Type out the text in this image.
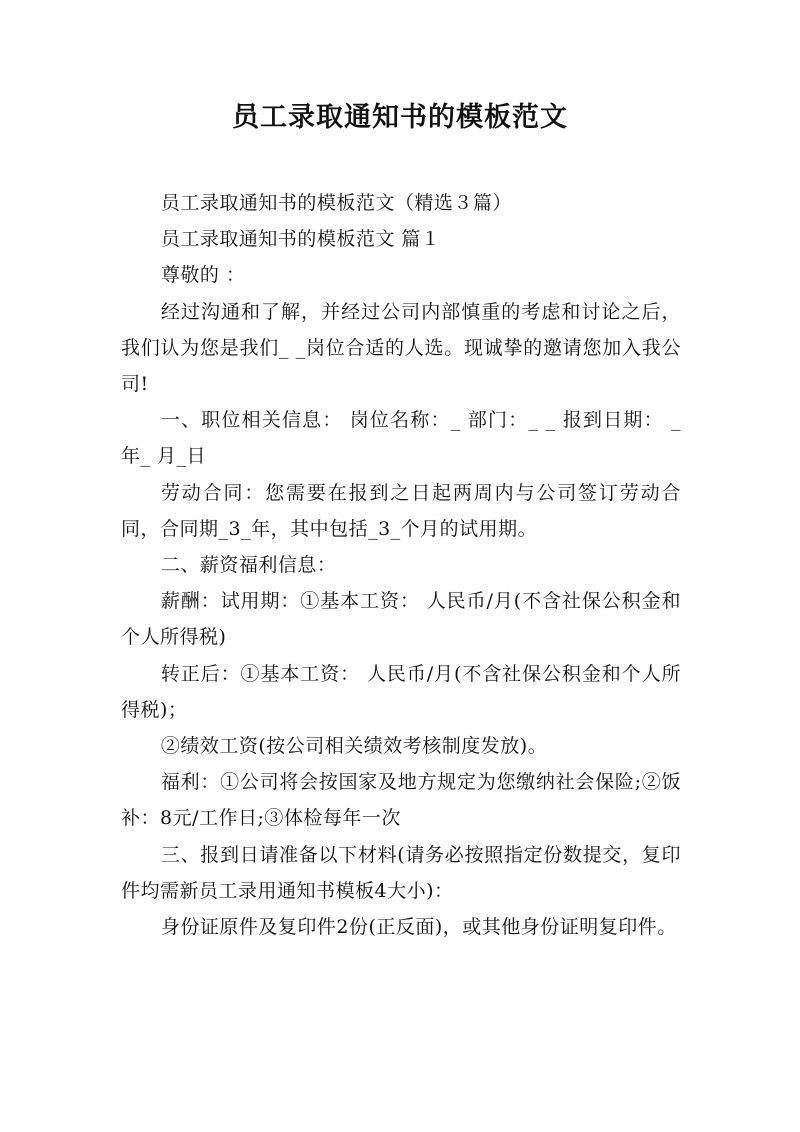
员工录取通知书的模板范文

员工录取通知书的模板范文（精选３篇）

员工录取通知书的模板范文 篇１

尊敬的 ：

经过沟通和了解，并经过公司内部慎重的考虑和讨论之后，我们认为您是我们_ _岗位合适的人选。现诚挚的邀请您加入我公司!

一、职位相关信息： 岗位名称：_ 部门：_ _ 报到日期： _年_ 月_日

劳动合同：您需要在报到之日起两周内与公司签订劳动合同，合同期_3_年，其中包括_3_个月的试用期。

二、薪资福利信息：

薪酬：试用期：①基本工资： 人民币/月(不含社保公积金和个人所得税)

转正后：①基本工资： 人民币/月(不含社保公积金和个人所得税)；

②绩效工资(按公司相关绩效考核制度发放)。

福利：①公司将会按国家及地方规定为您缴纳社会保险;②饭补：8元/工作日;③体检每年一次

三、报到日请准备以下材料(请务必按照指定份数提交，复印件均需新员工录用通知书模板4大小)：

身份证原件及复印件2份(正反面)，或其他身份证明复印件。
